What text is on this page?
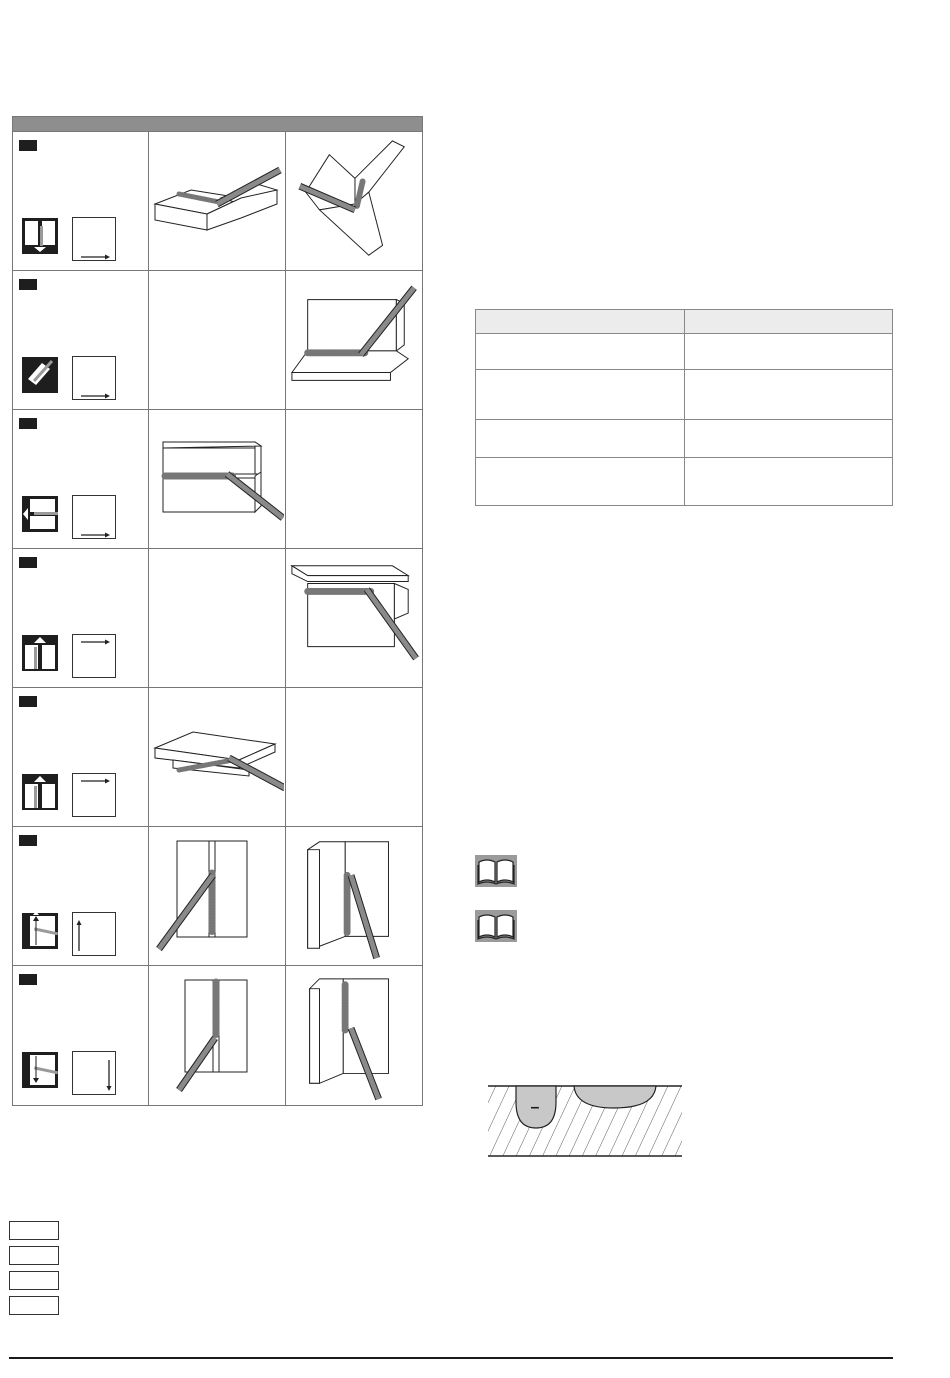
–
